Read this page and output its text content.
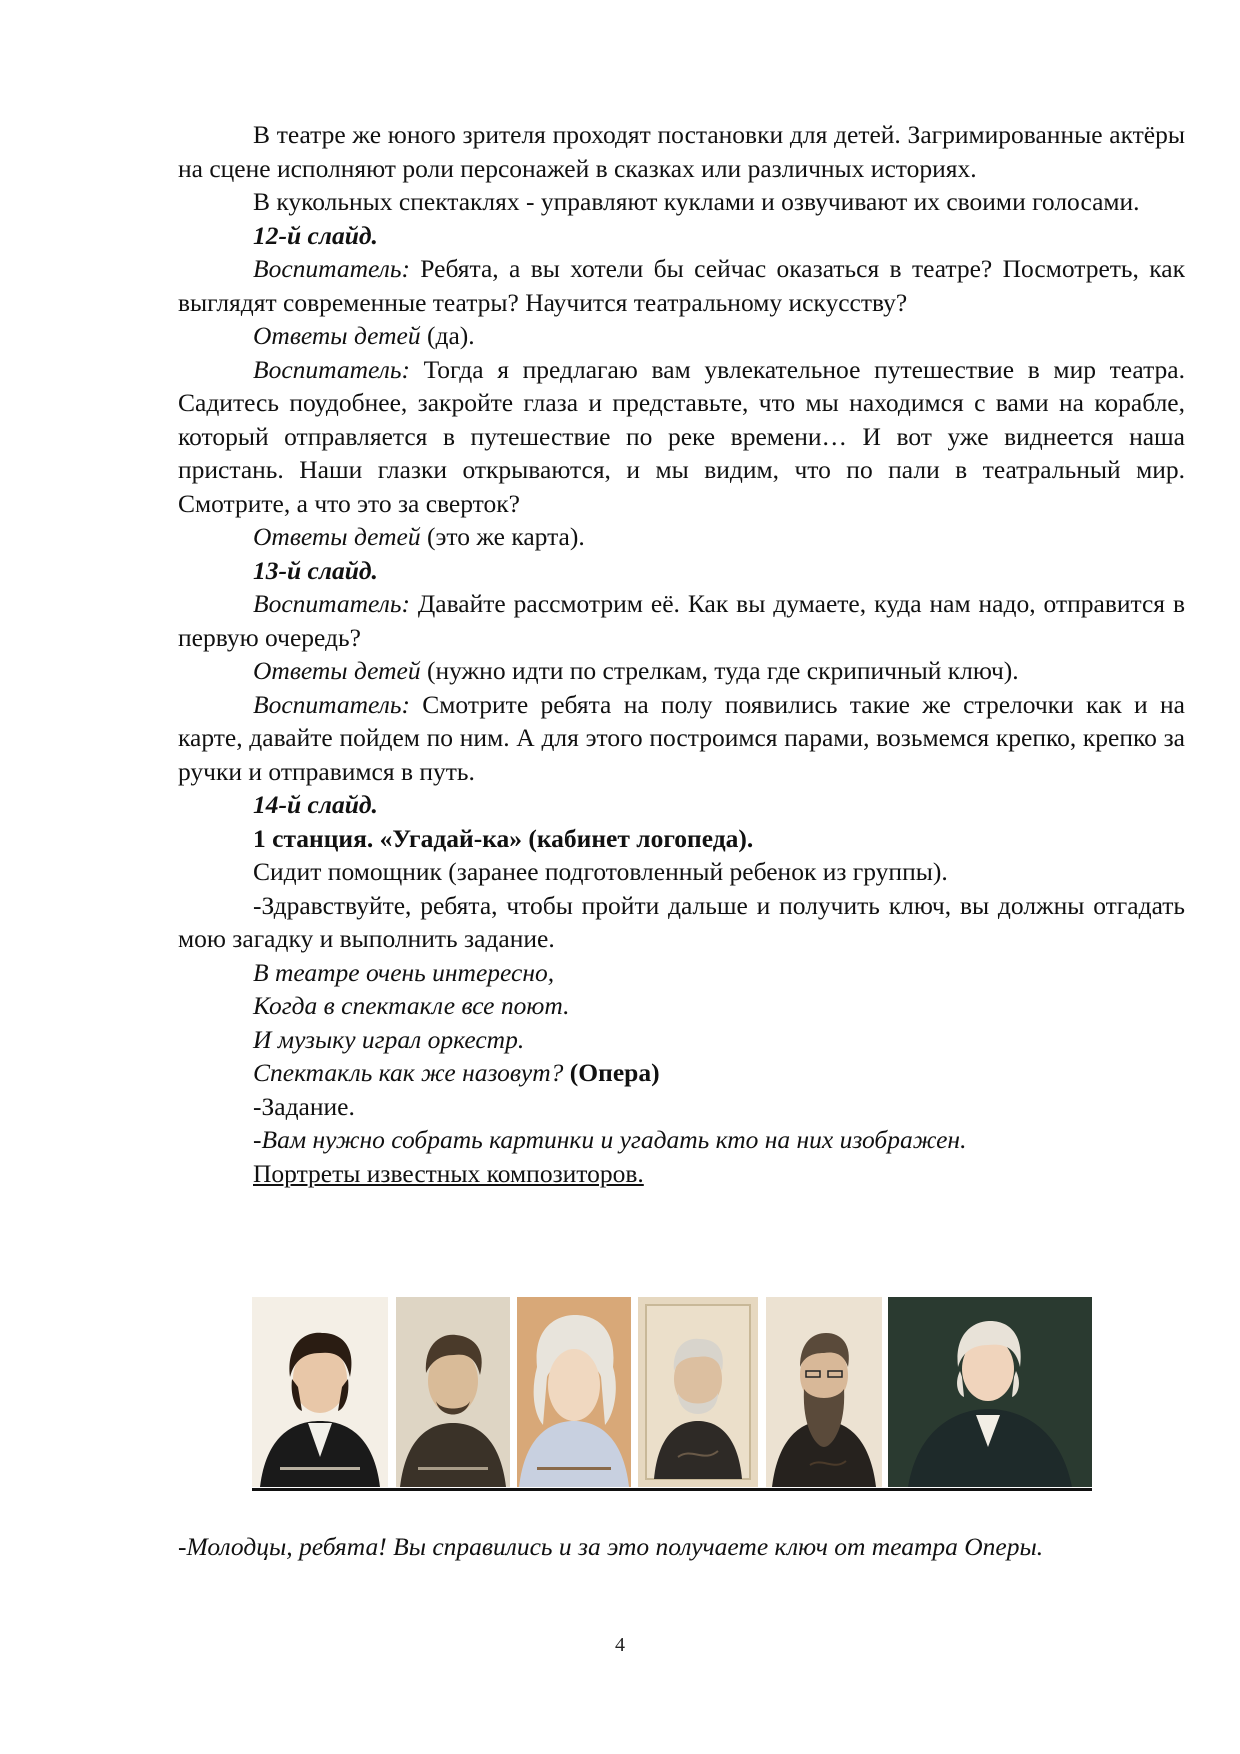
В театре же юного зрителя проходят постановки для детей. Загримированные актёры на сцене исполняют роли персонажей в сказках или различных историях.

В кукольных спектаклях - управляют куклами и озвучивают их своими голосами.

12-й слайд.

Воспитатель: Ребята, а вы хотели бы сейчас оказаться в театре? Посмотреть, как выглядят современные театры? Научится театральному искусству?

Ответы детей (да).

Воспитатель: Тогда я предлагаю вам увлекательное путешествие в мир театра. Садитесь поудобнее, закройте глаза и представьте, что мы находимся с вами на корабле, который отправляется в путешествие по реке времени… И вот уже виднеется наша пристань. Наши глазки открываются, и мы видим, что по пали в театральный мир. Смотрите, а что это за сверток?

Ответы детей (это же карта).

13-й слайд.

Воспитатель: Давайте рассмотрим её. Как вы думаете, куда нам надо, отправится в первую очередь?

Ответы детей (нужно идти по стрелкам, туда где скрипичный ключ).

Воспитатель: Смотрите ребята на полу появились такие же стрелочки как и на карте, давайте пойдем по ним. А для этого построимся парами, возьмемся крепко, крепко за ручки и отправимся в путь.

14-й слайд.

1 станция. «Угадай-ка» (кабинет логопеда).

Сидит помощник (заранее подготовленный ребенок из группы).

-Здравствуйте, ребята, чтобы пройти дальше и получить ключ, вы должны отгадать мою загадку и выполнить задание.

В театре очень интересно,

Когда в спектакле все поют.

И музыку играл оркестр.

Спектакль как же назовут? (Опера)

-Задание.

-Вам нужно собрать картинки и угадать кто на них изображен.

Портреты известных композиторов.

-Молодцы, ребята! Вы справились и за это получаете ключ от театра Оперы.
4
